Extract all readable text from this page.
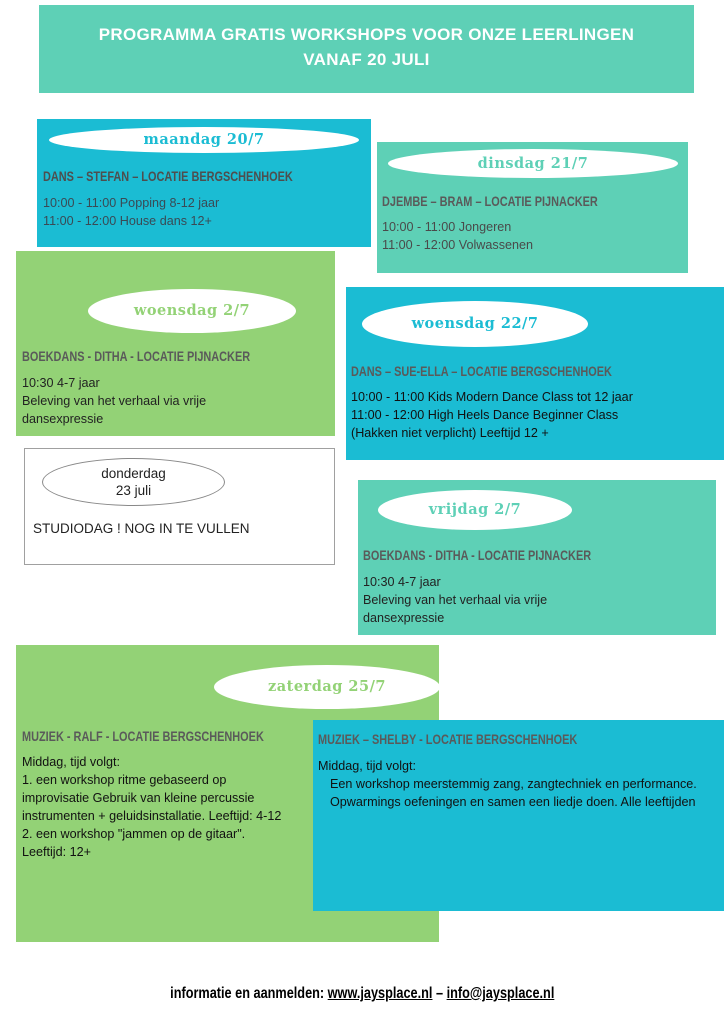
PROGRAMMA GRATIS WORKSHOPS VOOR ONZE LEERLINGEN
VANAF 20 JULI
maandag 20/7
DANS – STEFAN – LOCATIE BERGSCHENHOEK
10:00 - 11:00 Popping 8-12 jaar
11:00 - 12:00 House dans 12+
dinsdag 21/7
DJEMBE – BRAM – LOCATIE PIJNACKER
10:00 - 11:00 Jongeren
11:00 - 12:00 Volwassenen
woensdag 2/7
BOEKDANS - DITHA - LOCATIE PIJNACKER
10:30 4-7 jaar
Beleving van het verhaal via vrije
dansexpressie
woensdag 22/7
DANS – SUE-ELLA – LOCATIE BERGSCHENHOEK
10:00 - 11:00 Kids Modern Dance Class tot 12 jaar
11:00 - 12:00 High Heels Dance Beginner Class
(Hakken niet verplicht) Leeftijd 12 +
donderdag
23 juli
STUDIODAG ! NOG IN TE VULLEN
vrijdag 2/7
BOEKDANS - DITHA - LOCATIE PIJNACKER
10:30 4-7 jaar
Beleving van het verhaal via vrije
dansexpressie
zaterdag 25/7
MUZIEK - RALF - LOCATIE BERGSCHENHOEK
Middag, tijd volgt:
1. een workshop ritme gebaseerd op improvisatie Gebruik van kleine percussie instrumenten + geluidsinstallatie. Leeftijd: 4-12
2. een workshop "jammen op de gitaar". Leeftijd: 12+
MUZIEK – SHELBY - LOCATIE BERGSCHENHOEK
Middag, tijd volgt:
Een workshop meerstemmig zang, zangtechniek en performance.
Opwarmings oefeningen en samen een liedje doen. Alle leeftijden
informatie en aanmelden: www.jaysplace.nl – info@jaysplace.nl
